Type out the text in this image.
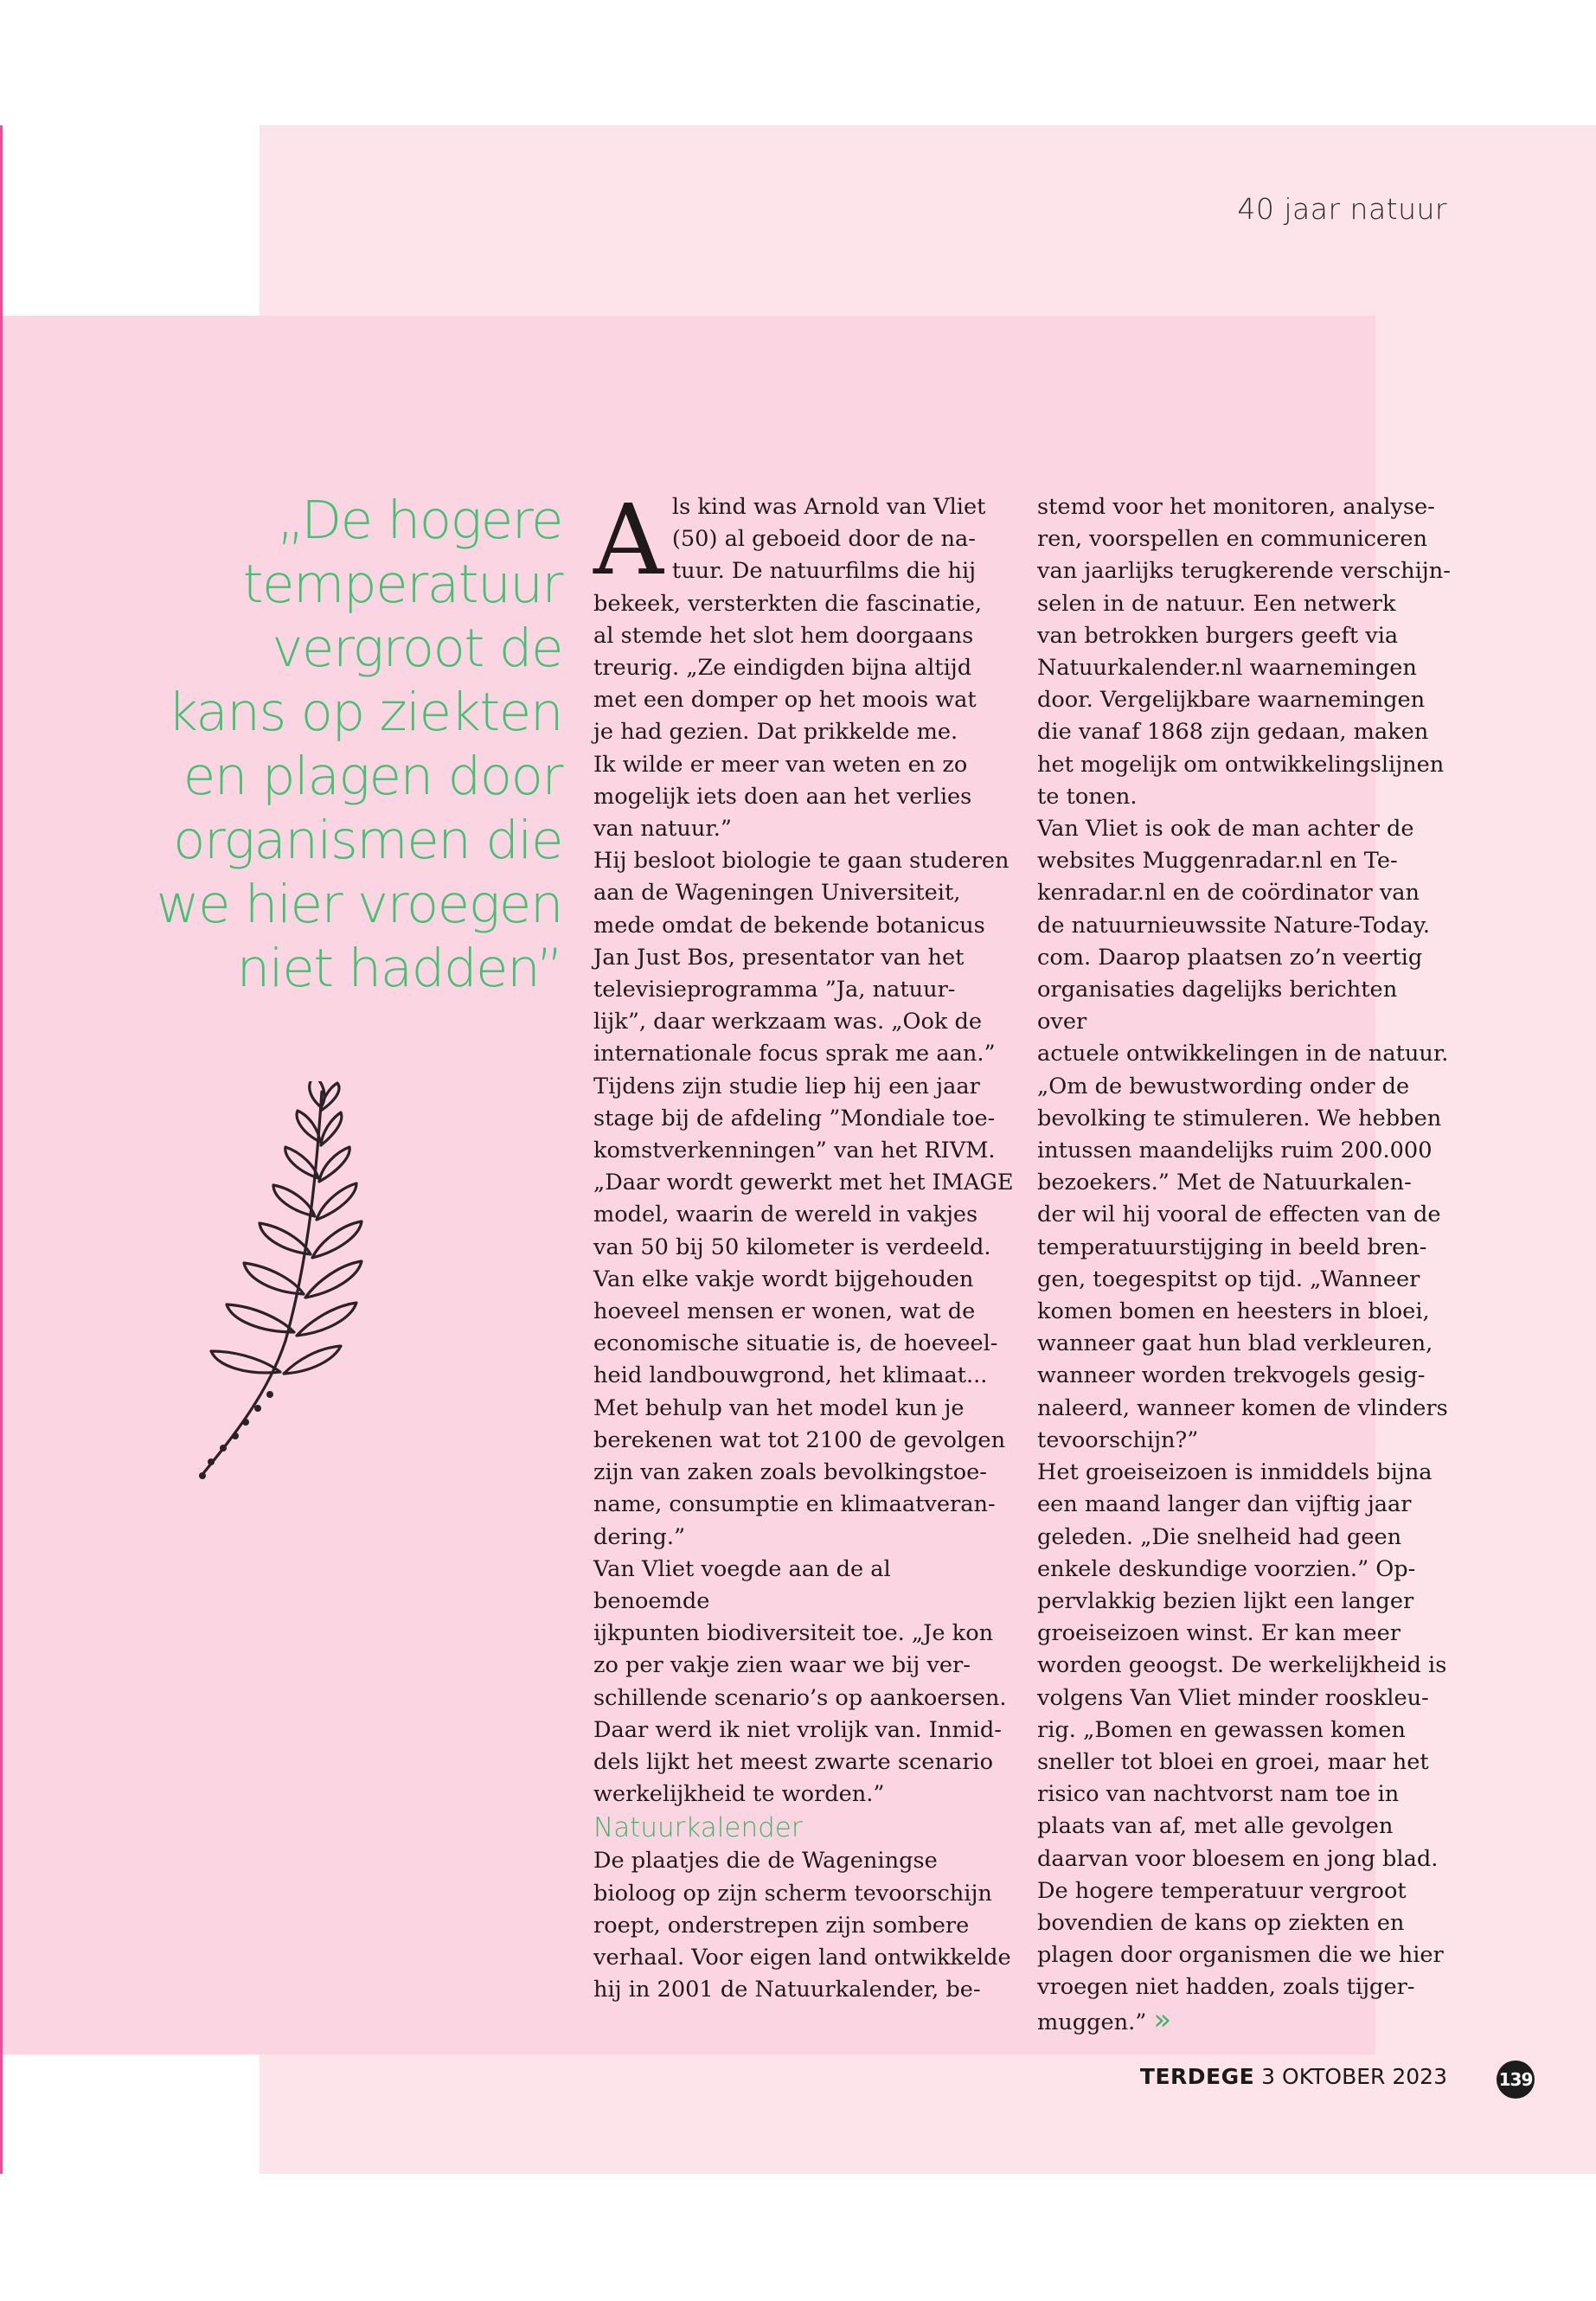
40 jaar natuur
„De hogere
temperatuur
vergroot de
kans op ziekten
en plagen door
organismen die
we hier vroegen
niet hadden”
A ls kind was Arnold van Vliet
(50) al geboeid door de na-
tuur. De natuurfilms die hij
bekeek, versterkten die fascinatie,
al stemde het slot hem doorgaans
treurig. „Ze eindigden bijna altijd
met een domper op het moois wat
je had gezien. Dat prikkelde me.
Ik wilde er meer van weten en zo
mogelijk iets doen aan het verlies
van natuur.”
Hij besloot biologie te gaan studeren
aan de Wageningen Universiteit,
mede omdat de bekende botanicus
Jan Just Bos, presentator van het
televisieprogramma ”Ja, natuur-
lijk”, daar werkzaam was. „Ook de
internationale focus sprak me aan.”
Tijdens zijn studie liep hij een jaar
stage bij de afdeling ”Mondiale toe-
komstverkenningen” van het RIVM.
„Daar wordt gewerkt met het IMAGE
model, waarin de wereld in vakjes
van 50 bij 50 kilometer is verdeeld.
Van elke vakje wordt bijgehouden
hoeveel mensen er wonen, wat de
economische situatie is, de hoeveel-
heid landbouwgrond, het klimaat...
Met behulp van het model kun je
berekenen wat tot 2100 de gevolgen
zijn van zaken zoals bevolkingstoe-
name, consumptie en klimaatveran-
dering.”
Van Vliet voegde aan de al benoemde
ijkpunten biodiversiteit toe. „Je kon
zo per vakje zien waar we bij ver-
schillende scenario’s op aankoersen.
Daar werd ik niet vrolijk van. Inmid-
dels lijkt het meest zwarte scenario
werkelijkheid te worden.”

Natuurkalender

De plaatjes die de Wageningse
bioloog op zijn scherm tevoorschijn
roept, onderstrepen zijn sombere
verhaal. Voor eigen land ontwikkelde
hij in 2001 de Natuurkalender, be-
stemd voor het monitoren, analyse-
ren, voorspellen en communiceren
van jaarlijks terugkerende verschijn-
selen in de natuur. Een netwerk
van betrokken burgers geeft via
Natuurkalender.nl waarnemingen
door. Vergelijkbare waarnemingen
die vanaf 1868 zijn gedaan, maken
het mogelijk om ontwikkelingslijnen
te tonen.
Van Vliet is ook de man achter de
websites Muggenradar.nl en Te-
kenradar.nl en de coördinator van
de natuurnieuwssite Nature-Today.
com. Daarop plaatsen zo’n veertig
organisaties dagelijks berichten over
actuele ontwikkelingen in de natuur.
„Om de bewustwording onder de
bevolking te stimuleren. We hebben
intussen maandelijks ruim 200.000
bezoekers.” Met de Natuurkalen-
der wil hij vooral de effecten van de
temperatuurstijging in beeld bren-
gen, toegespitst op tijd. „Wanneer
komen bomen en heesters in bloei,
wanneer gaat hun blad verkleuren,
wanneer worden trekvogels gesig-
naleerd, wanneer komen de vlinders
tevoorschijn?”
Het groeiseizoen is inmiddels bijna
een maand langer dan vijftig jaar
geleden. „Die snelheid had geen
enkele deskundige voorzien.” Op-
pervlakkig bezien lijkt een langer
groeiseizoen winst. Er kan meer
worden geoogst. De werkelijkheid is
volgens Van Vliet minder rooskleu-
rig. „Bomen en gewassen komen
sneller tot bloei en groei, maar het
risico van nachtvorst nam toe in
plaats van af, met alle gevolgen
daarvan voor bloesem en jong blad.
De hogere temperatuur vergroot
bovendien de kans op ziekten en
plagen door organismen die we hier
vroegen niet hadden, zoals tijger-
muggen.” »
TERDEGE 3 OKTOBER 2023	139
